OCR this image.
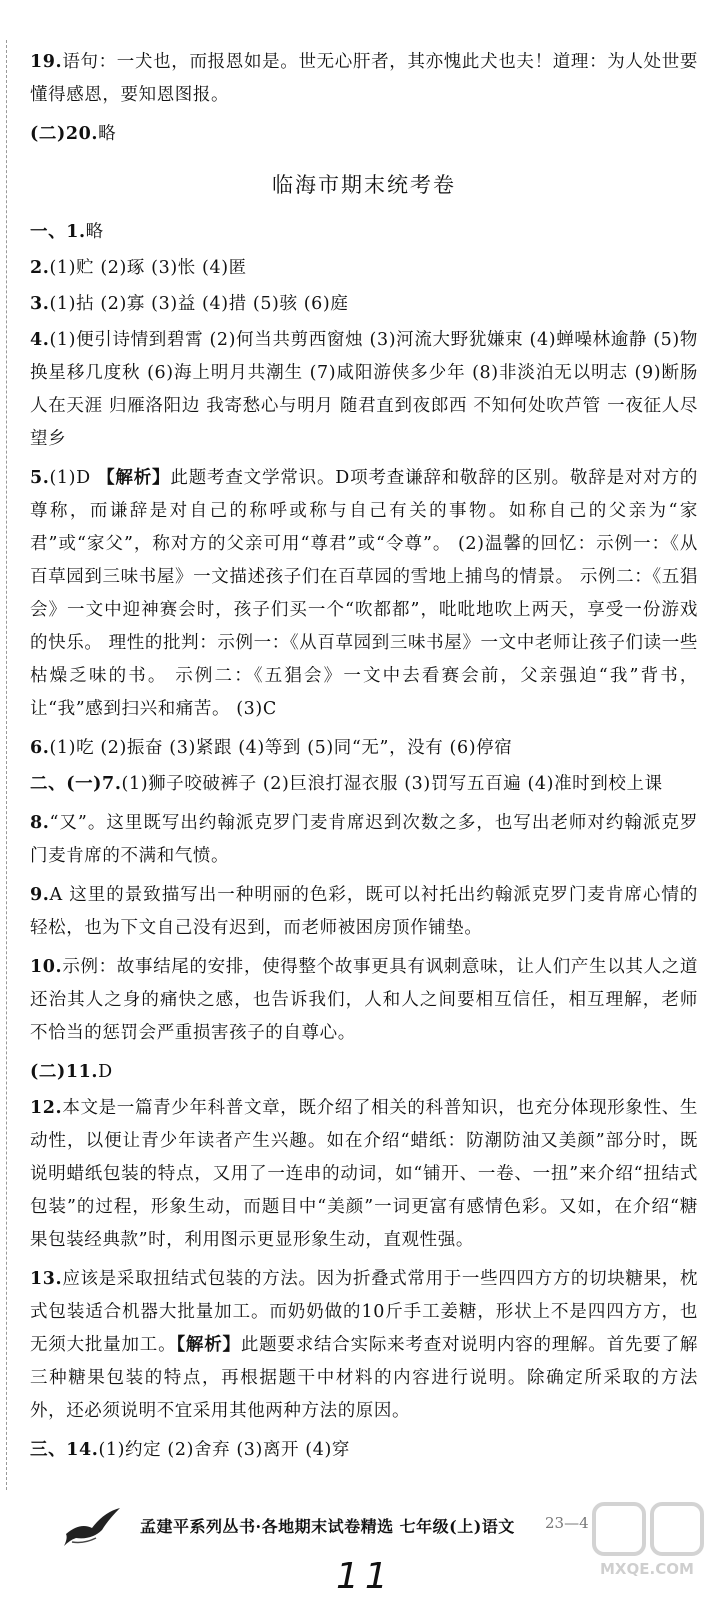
19.语句：一犬也，而报恩如是。世无心肝者，其亦愧此犬也夫！道理：为人处世要懂得感恩，要知恩图报。

(二)20.略

临海市期末统考卷

一、1.略

2.(1)贮 (2)琢 (3)怅 (4)匿

3.(1)拈 (2)寡 (3)益 (4)措 (5)骇 (6)庭

4.(1)便引诗情到碧霄 (2)何当共剪西窗烛 (3)河流大野犹嫌束 (4)蝉噪林逾静 (5)物换星移几度秋 (6)海上明月共潮生 (7)咸阳游侠多少年 (8)非淡泊无以明志 (9)断肠人在天涯 归雁洛阳边 我寄愁心与明月 随君直到夜郎西 不知何处吹芦管 一夜征人尽望乡

5.(1)D 【解析】此题考查文学常识。D项考查谦辞和敬辞的区别。敬辞是对对方的尊称，而谦辞是对自己的称呼或称与自己有关的事物。如称自己的父亲为“家君”或“家父”，称对方的父亲可用“尊君”或“令尊”。 (2)温馨的回忆：示例一：《从百草园到三味书屋》一文描述孩子们在百草园的雪地上捕鸟的情景。 示例二：《五猖会》一文中迎神赛会时，孩子们买一个“吹都都”，吡吡地吹上两天，享受一份游戏的快乐。 理性的批判：示例一：《从百草园到三味书屋》一文中老师让孩子们读一些枯燥乏味的书。 示例二：《五猖会》一文中去看赛会前，父亲强迫“我”背书，让“我”感到扫兴和痛苦。 (3)C

6.(1)吃 (2)振奋 (3)紧跟 (4)等到 (5)同“无”，没有 (6)停宿

二、(一)7.(1)狮子咬破裤子 (2)巨浪打湿衣服 (3)罚写五百遍 (4)准时到校上课

8.“又”。这里既写出约翰派克罗门麦肯席迟到次数之多，也写出老师对约翰派克罗门麦肯席的不满和气愤。

9.A 这里的景致描写出一种明丽的色彩，既可以衬托出约翰派克罗门麦肯席心情的轻松，也为下文自己没有迟到，而老师被困房顶作铺垫。

10.示例：故事结尾的安排，使得整个故事更具有讽刺意味，让人们产生以其人之道还治其人之身的痛快之感，也告诉我们，人和人之间要相互信任，相互理解，老师不恰当的惩罚会严重损害孩子的自尊心。

(二)11.D

12.本文是一篇青少年科普文章，既介绍了相关的科普知识，也充分体现形象性、生动性，以便让青少年读者产生兴趣。如在介绍“蜡纸：防潮防油又美颜”部分时，既说明蜡纸包装的特点，又用了一连串的动词，如“铺开、一卷、一扭”来介绍“扭结式包装”的过程，形象生动，而题目中“美颜”一词更富有感情色彩。又如，在介绍“糖果包装经典款”时，利用图示更显形象生动，直观性强。

13.应该是采取扭结式包装的方法。因为折叠式常用于一些四四方方的切块糖果，枕式包装适合机器大批量加工。而奶奶做的10斤手工姜糖，形状上不是四四方方，也无须大批量加工。【解析】此题要求结合实际来考查对说明内容的理解。首先要了解三种糖果包装的特点，再根据题干中材料的内容进行说明。除确定所采取的方法外，还必须说明不宜采用其他两种方法的原因。

三、14.(1)约定 (2)舍弃 (3)离开 (4)穿

孟建平系列丛书·各地期末试卷精选 七年级(上)语文 23—4
MXQE.COM
11
